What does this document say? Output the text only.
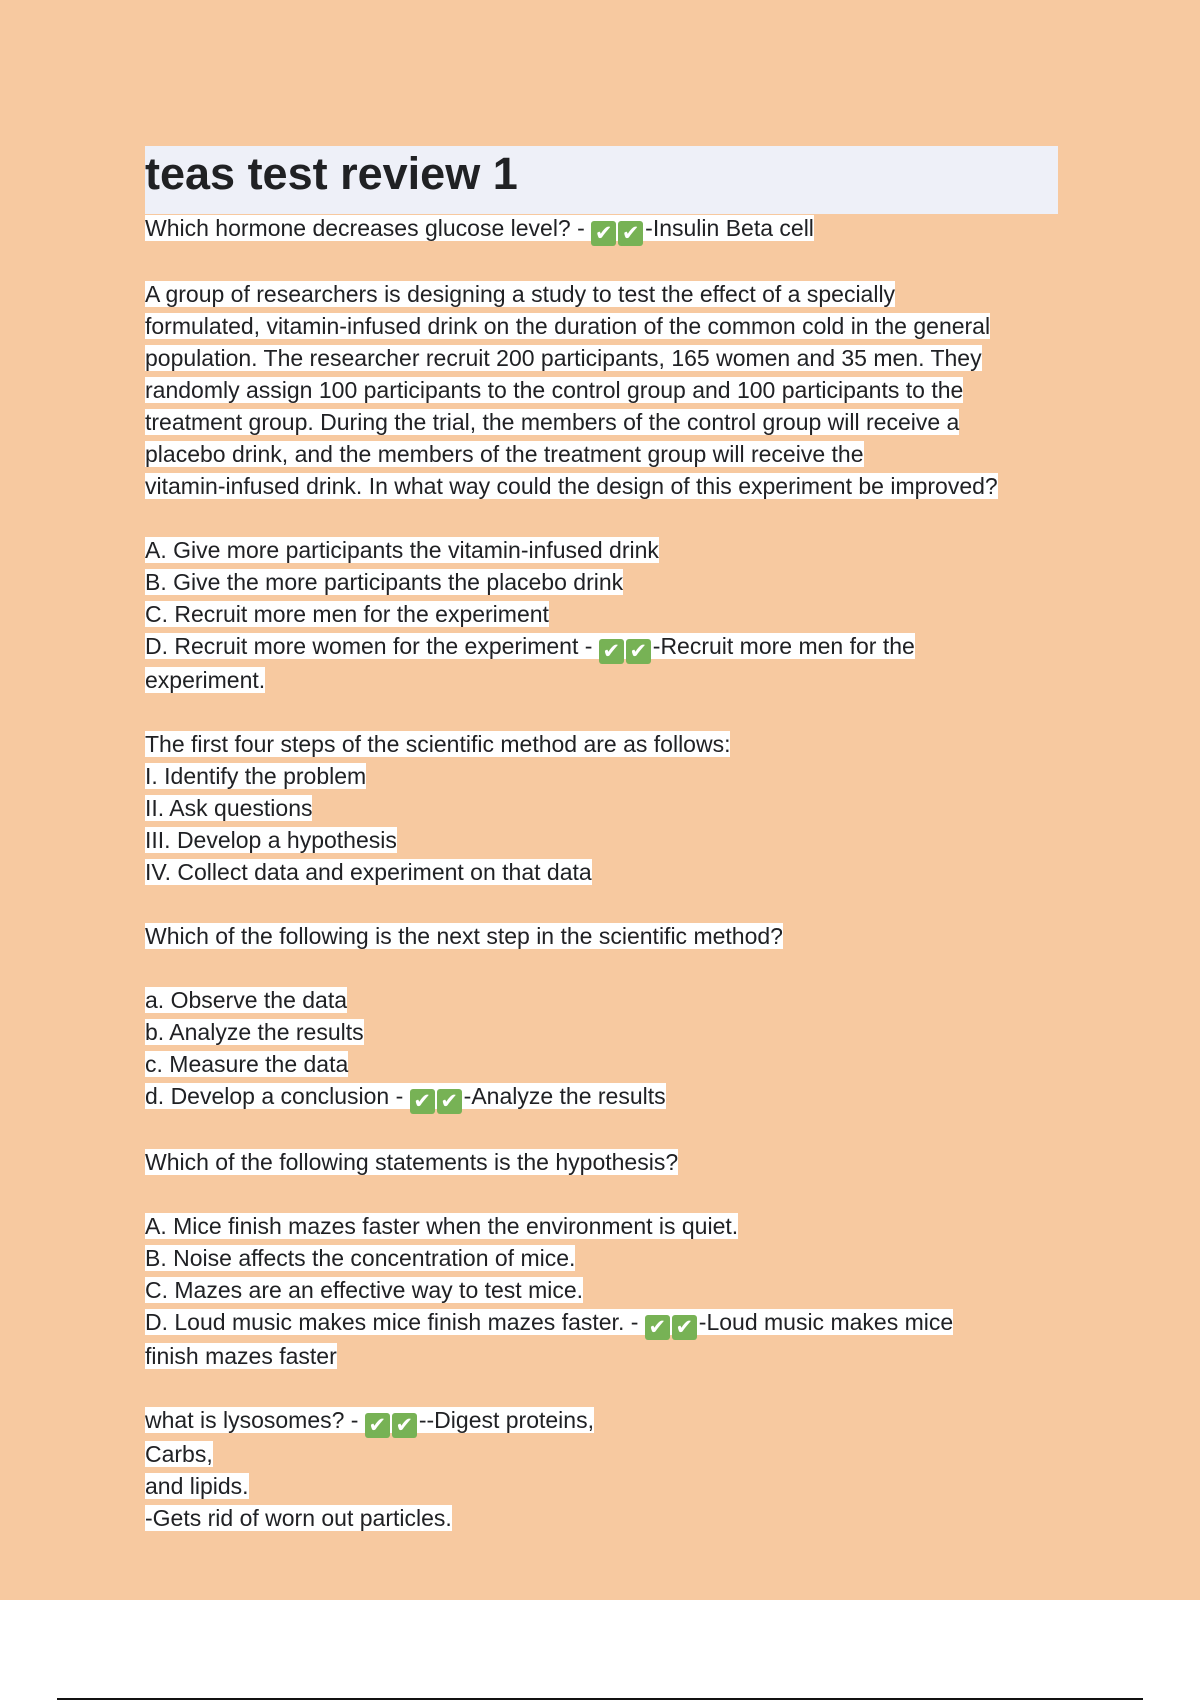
teas test review 1
Which hormone decreases glucose level? - ✔ ✔ -Insulin Beta cell
A group of researchers is designing a study to test the effect of a specially
formulated, vitamin-infused drink on the duration of the common cold in the general
population. The researcher recruit 200 participants, 165 women and 35 men. They
randomly assign 100 participants to the control group and 100 participants to the
treatment group. During the trial, the members of the control group will receive a
placebo drink, and the members of the treatment group will receive the
vitamin-infused drink. In what way could the design of this experiment be improved?
A. Give more participants the vitamin-infused drink
B. Give the more participants the placebo drink
C. Recruit more men for the experiment
D. Recruit more women for the experiment - ✔ ✔ -Recruit more men for the
experiment.
The first four steps of the scientific method are as follows:
I. Identify the problem
II. Ask questions
III. Develop a hypothesis
IV. Collect data and experiment on that data
Which of the following is the next step in the scientific method?
a. Observe the data
b. Analyze the results
c. Measure the data
d. Develop a conclusion - ✔ ✔ -Analyze the results
Which of the following statements is the hypothesis?
A. Mice finish mazes faster when the environment is quiet.
B. Noise affects the concentration of mice.
C. Mazes are an effective way to test mice.
D. Loud music makes mice finish mazes faster. - ✔ ✔ -Loud music makes mice
finish mazes faster
what is lysosomes? - ✔ ✔ --Digest proteins,
Carbs,
and lipids.
-Gets rid of worn out particles.
